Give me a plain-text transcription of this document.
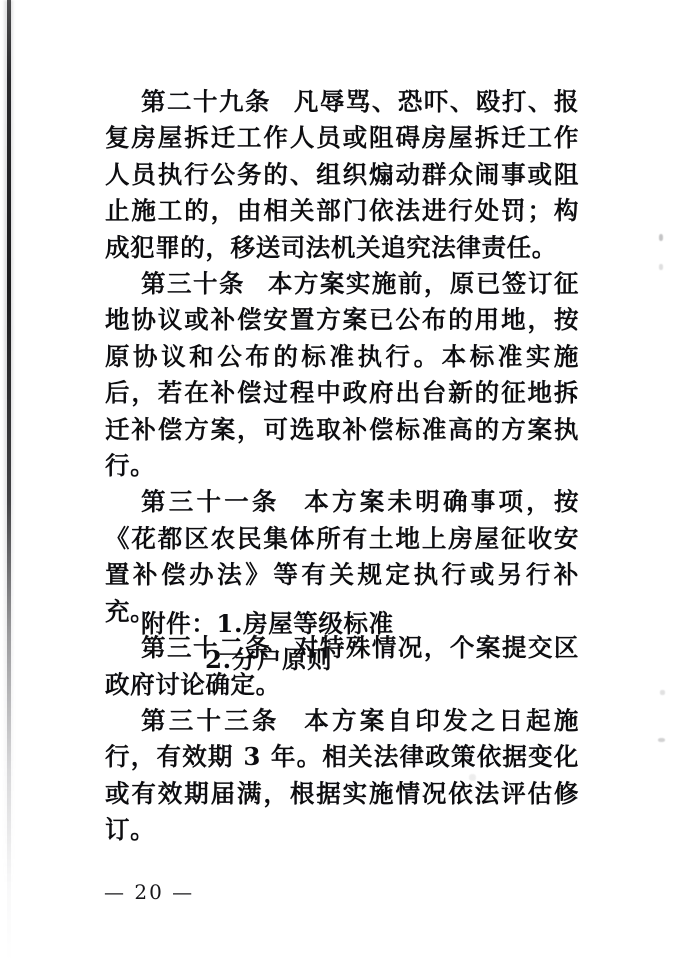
第二十九条 凡辱骂、恐吓、殴打、报复房屋拆迁工作人员或阻碍房屋拆迁工作人员执行公务的、组织煽动群众闹事或阻止施工的，由相关部门依法进行处罚；构成犯罪的，移送司法机关追究法律责任。

第三十条 本方案实施前，原已签订征地协议或补偿安置方案已公布的用地，按原协议和公布的标准执行。本标准实施后，若在补偿过程中政府出台新的征地拆迁补偿方案，可选取补偿标准高的方案执行。

第三十一条 本方案未明确事项，按《花都区农民集体所有土地上房屋征收安置补偿办法》等有关规定执行或另行补充。

第三十二条 对特殊情况，个案提交区政府讨论确定。

第三十三条 本方案自印发之日起施行，有效期 3 年。相关法律政策依据变化或有效期届满，根据实施情况依法评估修订。

附件：1.房屋等级标准
2.分户原则
— 20 —
